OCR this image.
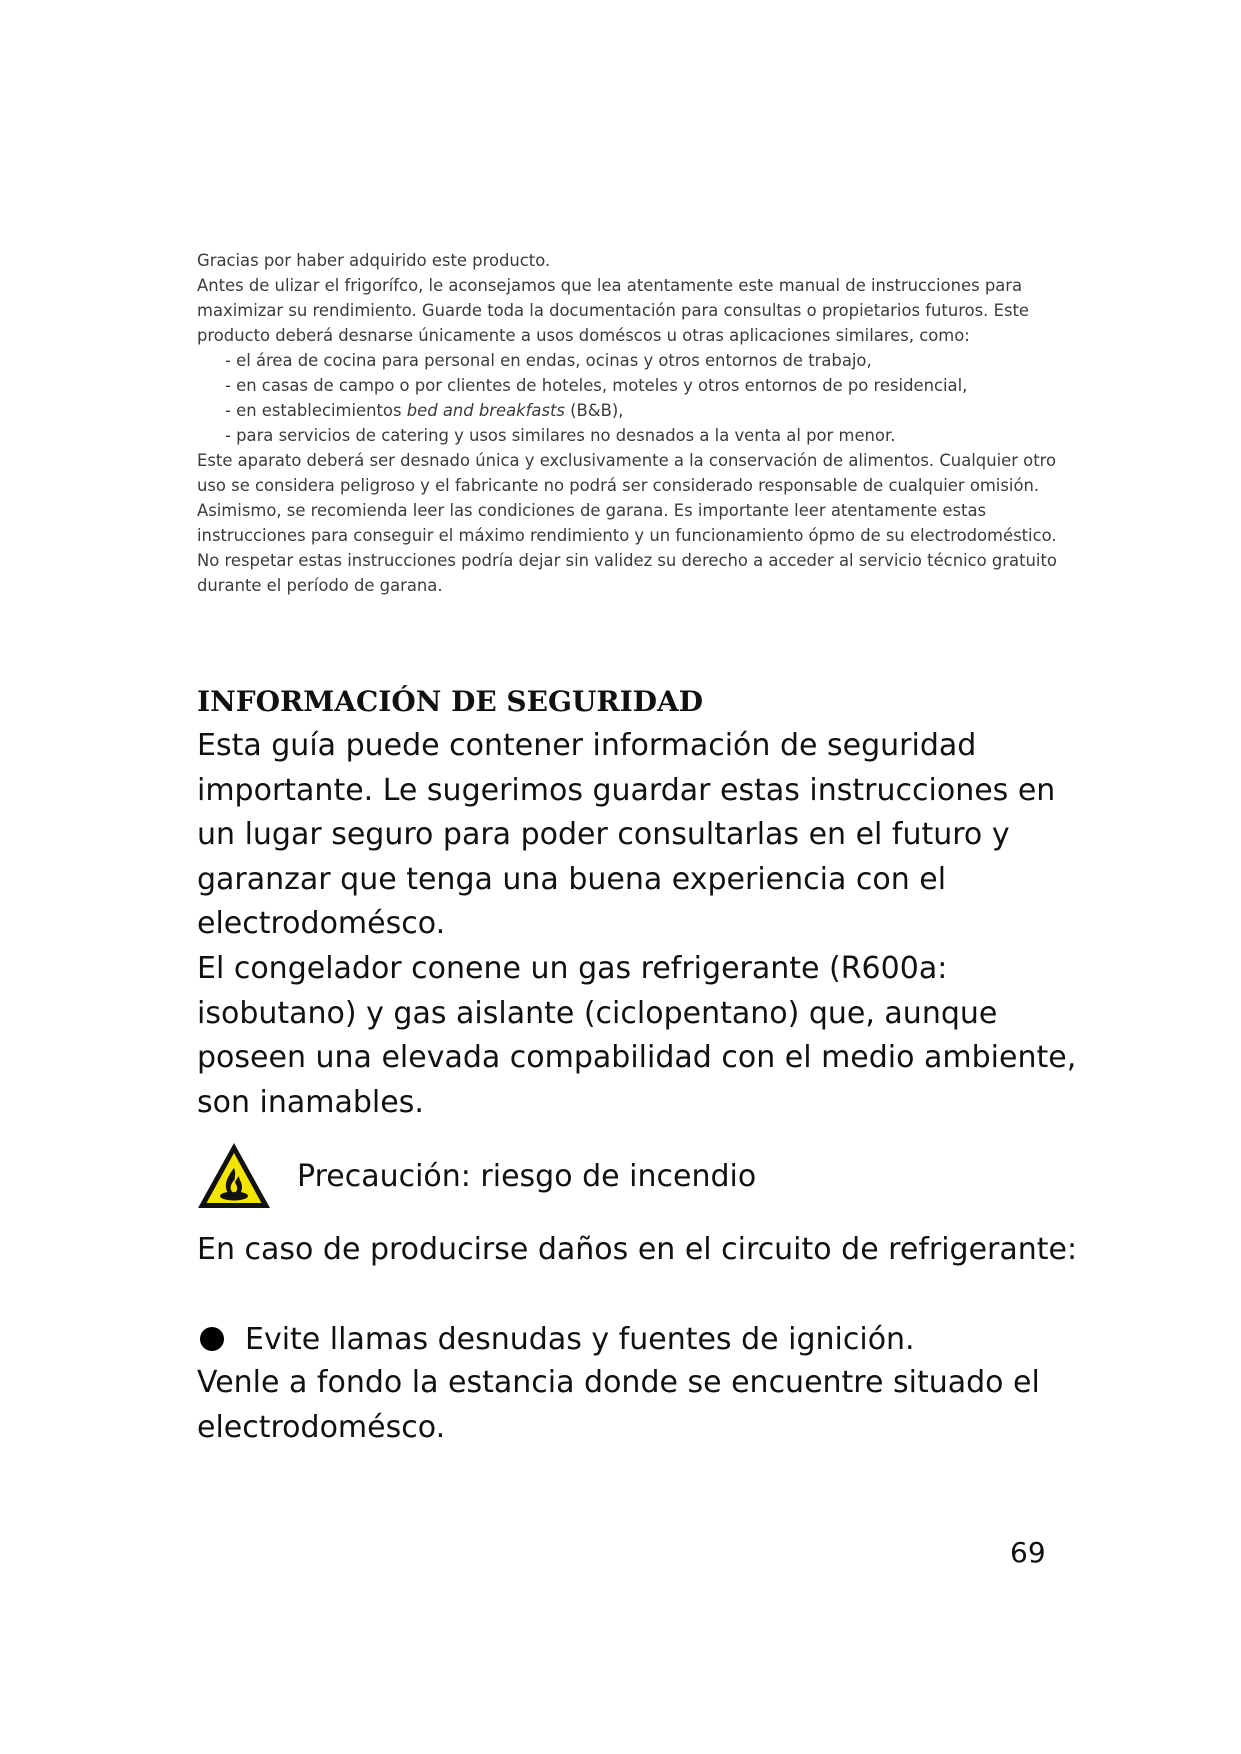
Gracias por haber adquirido este producto.

Antes de ulizar el frigorífco, le aconsejamos que lea atentamente este manual de instrucciones para maximizar su rendimiento. Guarde toda la documentación para consultas o propietarios futuros. Este producto deberá desnarse únicamente a usos doméscos u otras aplicaciones similares, como:

- el área de cocina para personal en endas, ocinas y otros entornos de trabajo,

- en casas de campo o por clientes de hoteles, moteles y otros entornos de po residencial,

- en establecimientos bed and breakfasts (B&B),

- para servicios de catering y usos similares no desnados a la venta al por menor.

Este aparato deberá ser desnado única y exclusivamente a la conservación de alimentos. Cualquier otro uso se considera peligroso y el fabricante no podrá ser considerado responsable de cualquier omisión. Asimismo, se recomienda leer las condiciones de garana. Es importante leer atentamente estas instrucciones para conseguir el máximo rendimiento y un funcionamiento ópmo de su electrodoméstico. No respetar estas instrucciones podría dejar sin validez su derecho a acceder al servicio técnico gratuito durante el período de garana.

INFORMACIÓN DE SEGURIDAD

Esta guía puede contener información de seguridad importante. Le sugerimos guardar estas instrucciones en un lugar seguro para poder consultarlas en el futuro y garanzar que tenga una buena experiencia con el electrodomésco.
El congelador conene un gas refrigerante (R600a: isobutano) y gas aislante (ciclopentano) que, aunque poseen una elevada compabilidad con el medio ambiente, son inamables.

Precaución: riesgo de incendio

En caso de producirse daños en el circuito de refrigerante:

Evite llamas desnudas y fuentes de ignición.

Venle a fondo la estancia donde se encuentre situado el electrodomésco.

69
